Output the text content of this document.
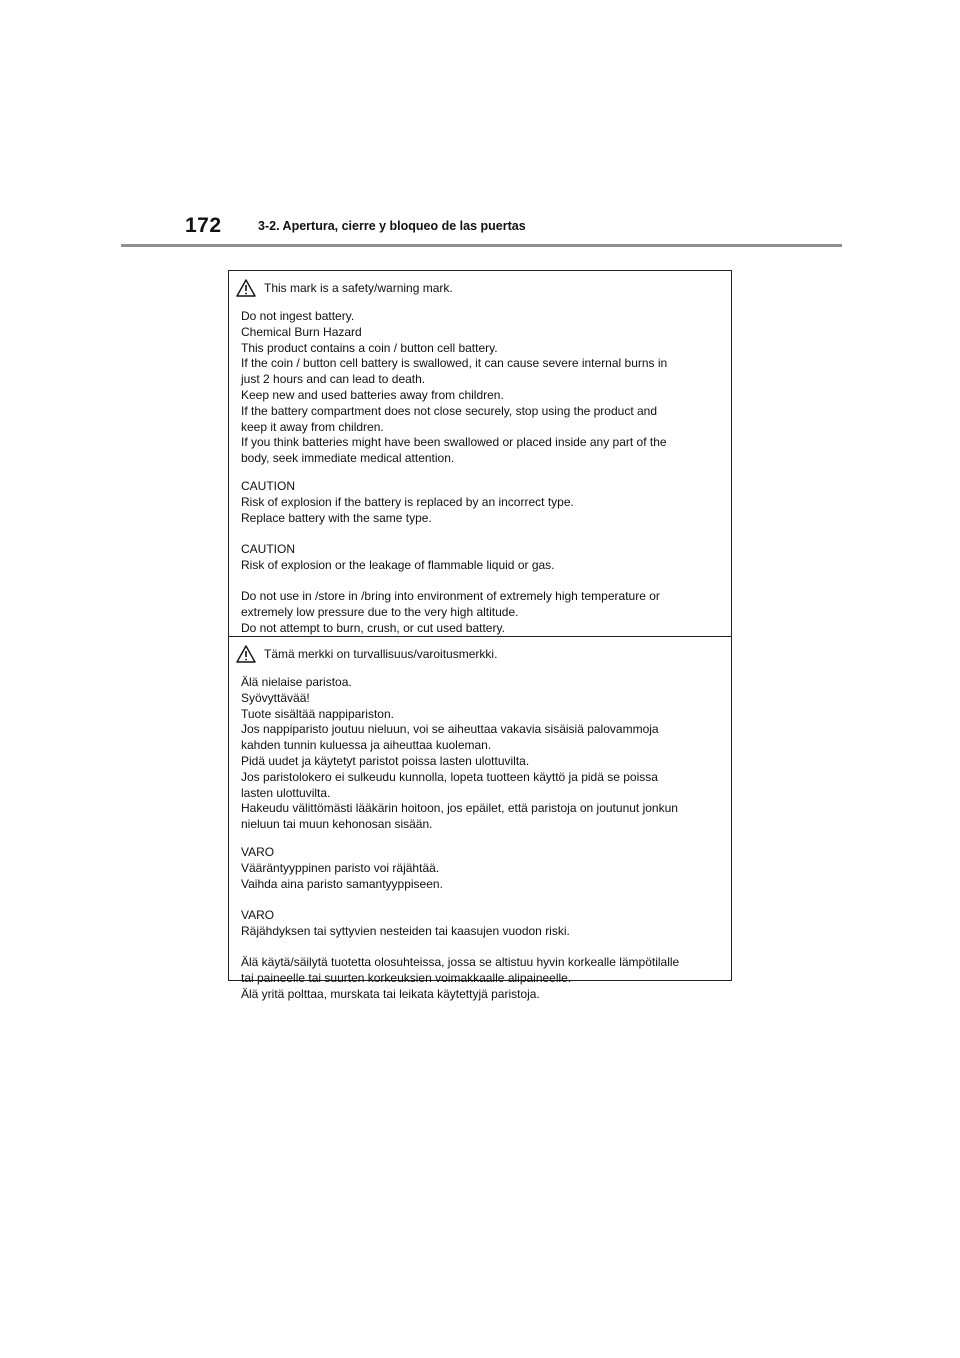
172	3-2. Apertura, cierre y bloqueo de las puertas
This mark is a safety/warning mark.
Do not ingest battery.
Chemical Burn Hazard
This product contains a coin / button cell battery.
If the coin / button cell battery is swallowed, it can cause severe internal burns in
just 2 hours and can lead to death.
Keep new and used batteries away from children.
If the battery compartment does not close securely, stop using the product and
keep it away from children.
If you think batteries might have been swallowed or placed inside any part of the
body, seek immediate medical attention.
CAUTION
Risk of explosion if the battery is replaced by an incorrect type.
Replace battery with the same type.
CAUTION
Risk of explosion or the leakage of flammable liquid or gas.
Do not use in /store in /bring into environment of extremely high temperature or
extremely low pressure due to the very high altitude.
Do not attempt to burn, crush, or cut used battery.
Tämä merkki on turvallisuus/varoitusmerkki.
Älä nielaise paristoa.
Syövyttävää!
Tuote sisältää nappipariston.
Jos nappiparisto joutuu nieluun, voi se aiheuttaa vakavia sisäisiä palovammoja
kahden tunnin kuluessa ja aiheuttaa kuoleman.
Pidä uudet ja käytetyt paristot poissa lasten ulottuvilta.
Jos paristolokero ei sulkeudu kunnolla, lopeta tuotteen käyttö ja pidä se poissa
lasten ulottuvilta.
Hakeudu välittömästi lääkärin hoitoon, jos epäilet, että paristoja on joutunut jonkun
nieluun tai muun kehonosan sisään.
VARO
Vääräntyyppinen paristo voi räjähtää.
Vaihda aina paristo samantyyppiseen.
VARO
Räjähdyksen tai syttyvien nesteiden tai kaasujen vuodon riski.
Älä käytä/säilytä tuotetta olosuhteissa, jossa se altistuu hyvin korkealle lämpötilalle
tai paineelle tai suurten korkeuksien voimakkaalle alipaineelle.
Älä yritä polttaa, murskata tai leikata käytettyjä paristoja.
